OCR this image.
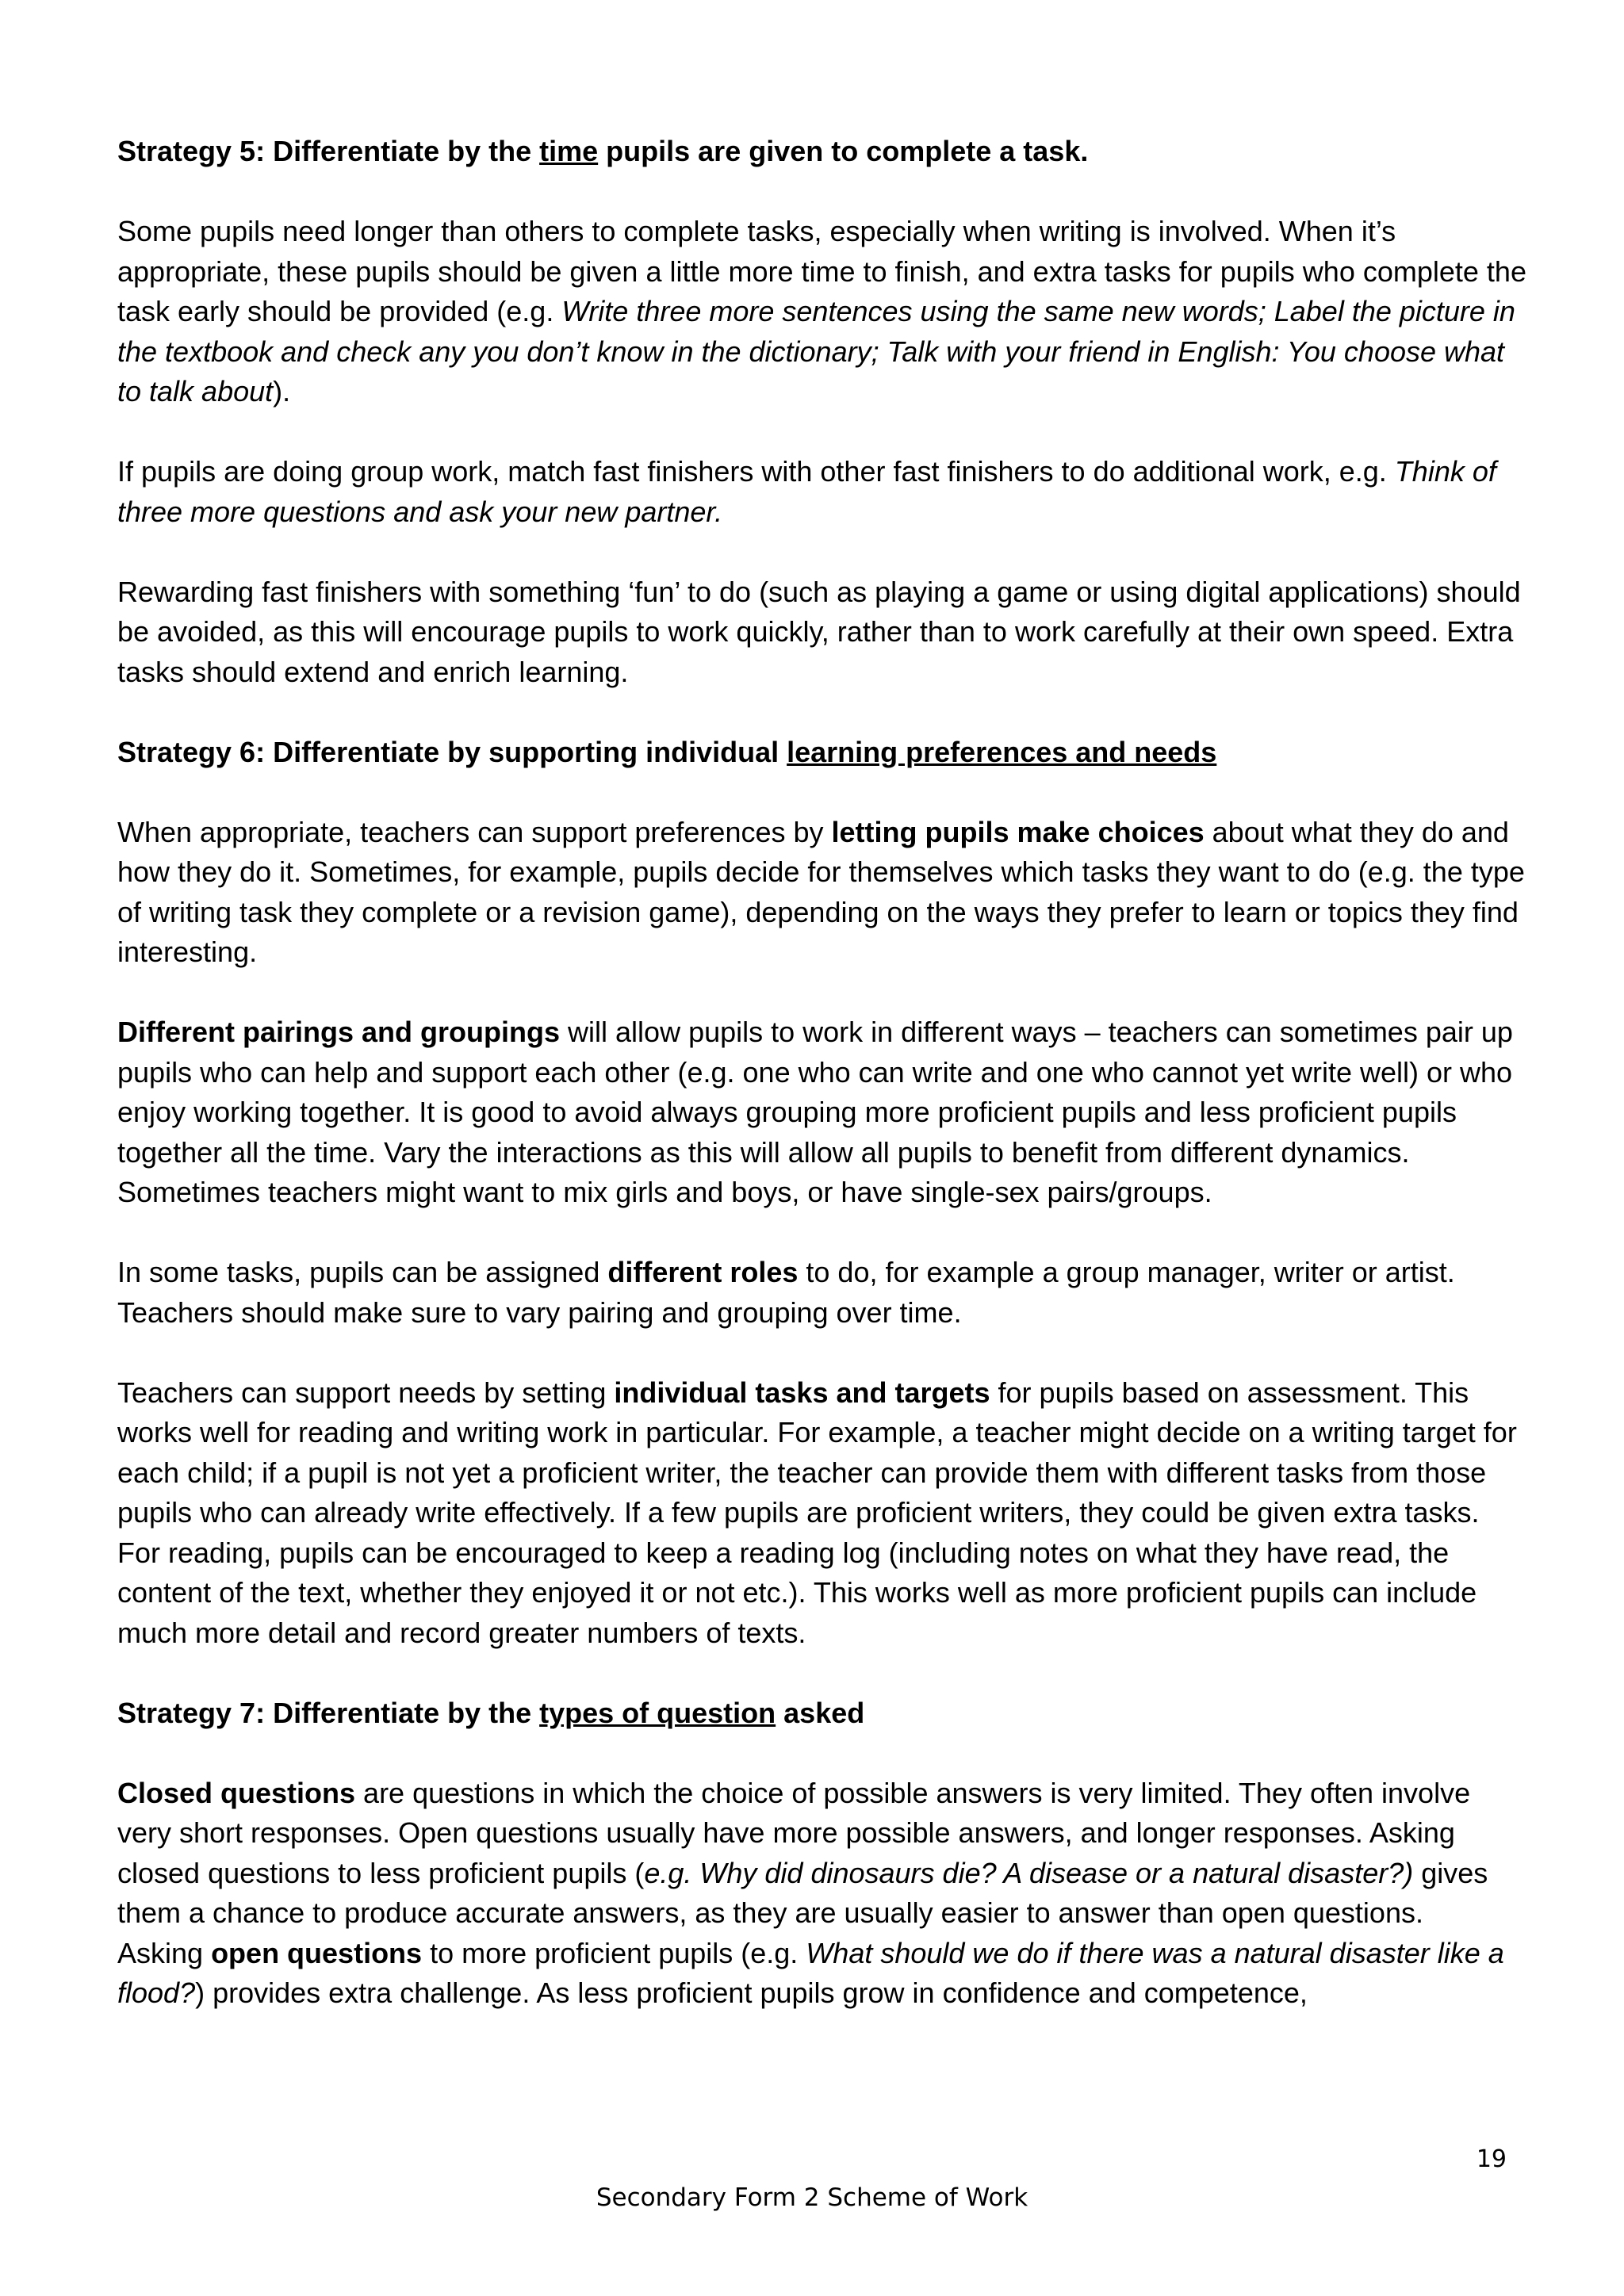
Strategy 5: Differentiate by the time pupils are given to complete a task.

Some pupils need longer than others to complete tasks, especially when writing is involved. When it’s appropriate, these pupils should be given a little more time to finish, and extra tasks for pupils who complete the task early should be provided (e.g. Write three more sentences using the same new words; Label the picture in the textbook and check any you don’t know in the dictionary; Talk with your friend in English: You choose what to talk about).

If pupils are doing group work, match fast finishers with other fast finishers to do additional work, e.g. Think of three more questions and ask your new partner.

Rewarding fast finishers with something ‘fun’ to do (such as playing a game or using digital applications) should be avoided, as this will encourage pupils to work quickly, rather than to work carefully at their own speed. Extra tasks should extend and enrich learning.

Strategy 6: Differentiate by supporting individual learning preferences and needs

When appropriate, teachers can support preferences by letting pupils make choices about what they do and how they do it. Sometimes, for example, pupils decide for themselves which tasks they want to do (e.g. the type of writing task they complete or a revision game), depending on the ways they prefer to learn or topics they find interesting.

Different pairings and groupings will allow pupils to work in different ways – teachers can sometimes pair up pupils who can help and support each other (e.g. one who can write and one who cannot yet write well) or who enjoy working together. It is good to avoid always grouping more proficient pupils and less proficient pupils together all the time. Vary the interactions as this will allow all pupils to benefit from different dynamics. Sometimes teachers might want to mix girls and boys, or have single-sex pairs/groups.

In some tasks, pupils can be assigned different roles to do, for example a group manager, writer or artist. Teachers should make sure to vary pairing and grouping over time.

Teachers can support needs by setting individual tasks and targets for pupils based on assessment. This works well for reading and writing work in particular. For example, a teacher might decide on a writing target for each child; if a pupil is not yet a proficient writer, the teacher can provide them with different tasks from those pupils who can already write effectively. If a few pupils are proficient writers, they could be given extra tasks. For reading, pupils can be encouraged to keep a reading log (including notes on what they have read, the content of the text, whether they enjoyed it or not etc.). This works well as more proficient pupils can include much more detail and record greater numbers of texts.

Strategy 7: Differentiate by the types of question asked

Closed questions are questions in which the choice of possible answers is very limited. They often involve very short responses. Open questions usually have more possible answers, and longer responses. Asking closed questions to less proficient pupils (e.g. Why did dinosaurs die? A disease or a natural disaster?) gives them a chance to produce accurate answers, as they are usually easier to answer than open questions.

Asking open questions to more proficient pupils (e.g. What should we do if there was a natural disaster like a flood?) provides extra challenge. As less proficient pupils grow in confidence and competence,

19
Secondary Form 2 Scheme of Work
